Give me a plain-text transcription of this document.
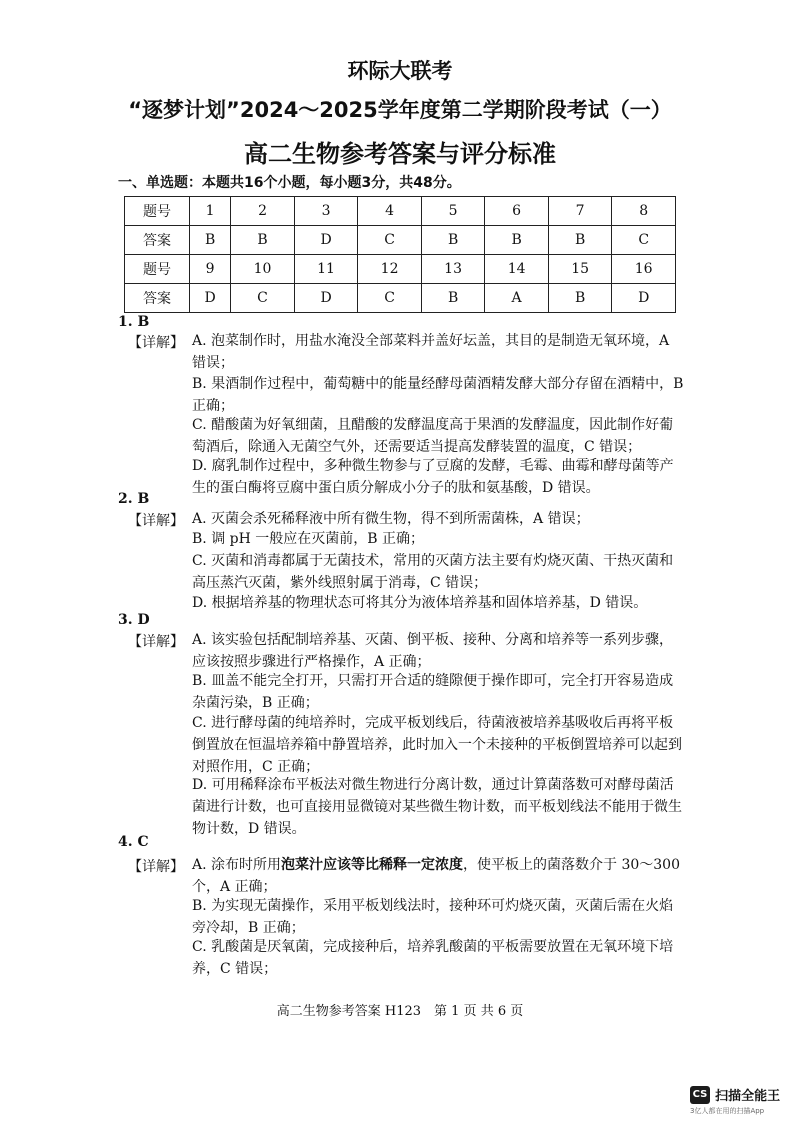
环际大联考
“逐梦计划”2024～2025学年度第二学期阶段考试（一）
高二生物参考答案与评分标准
一、单选题：本题共16个小题，每小题3分，共48分。
题号	1	2	3	4	5	6	7	8
答案	B	B	D	C	B	B	B	C
题号	9	10	11	12	13	14	15	16
答案	D	C	D	C	B	A	B	D
1. B
【详解】 A. 泡菜制作时，用盐水淹没全部菜料并盖好坛盖，其目的是制造无氧环境，A 错误；
B. 果酒制作过程中，葡萄糖中的能量经酵母菌酒精发酵大部分存留在酒精中，B 正确；
C. 醋酸菌为好氧细菌，且醋酸的发酵温度高于果酒的发酵温度，因此制作好葡萄酒后，除通入无菌空气外，还需要适当提高发酵装置的温度，C 错误；
D. 腐乳制作过程中，多种微生物参与了豆腐的发酵，毛霉、曲霉和酵母菌等产生的蛋白酶将豆腐中蛋白质分解成小分子的肽和氨基酸，D 错误。
2. B
【详解】 A. 灭菌会杀死稀释液中所有微生物，得不到所需菌株，A 错误；
B. 调 pH 一般应在灭菌前，B 正确；
C. 灭菌和消毒都属于无菌技术，常用的灭菌方法主要有灼烧灭菌、干热灭菌和高压蒸汽灭菌，紫外线照射属于消毒，C 错误；
D. 根据培养基的物理状态可将其分为液体培养基和固体培养基，D 错误。
3. D
【详解】 A. 该实验包括配制培养基、灭菌、倒平板、接种、分离和培养等一系列步骤，应该按照步骤进行严格操作，A 正确；
B. 皿盖不能完全打开，只需打开合适的缝隙便于操作即可，完全打开容易造成杂菌污染，B 正确；
C. 进行酵母菌的纯培养时，完成平板划线后，待菌液被培养基吸收后再将平板倒置放在恒温培养箱中静置培养，此时加入一个未接种的平板倒置培养可以起到对照作用，C 正确；
D. 可用稀释涂布平板法对微生物进行分离计数，通过计算菌落数可对酵母菌活菌进行计数，也可直接用显微镜对某些微生物计数，而平板划线法不能用于微生物计数，D 错误。
4. C
【详解】 A. 涂布时所用泡菜汁应该等比稀释一定浓度，使平板上的菌落数介于 30～300 个，A 正确；
B. 为实现无菌操作，采用平板划线法时，接种环可灼烧灭菌，灭菌后需在火焰旁冷却，B 正确；
C. 乳酸菌是厌氧菌，完成接种后，培养乳酸菌的平板需要放置在无氧环境下培养，C 错误；
高二生物参考答案 H123　第 1 页 共 6 页
CS 扫描全能王
3亿人都在用的扫描App
